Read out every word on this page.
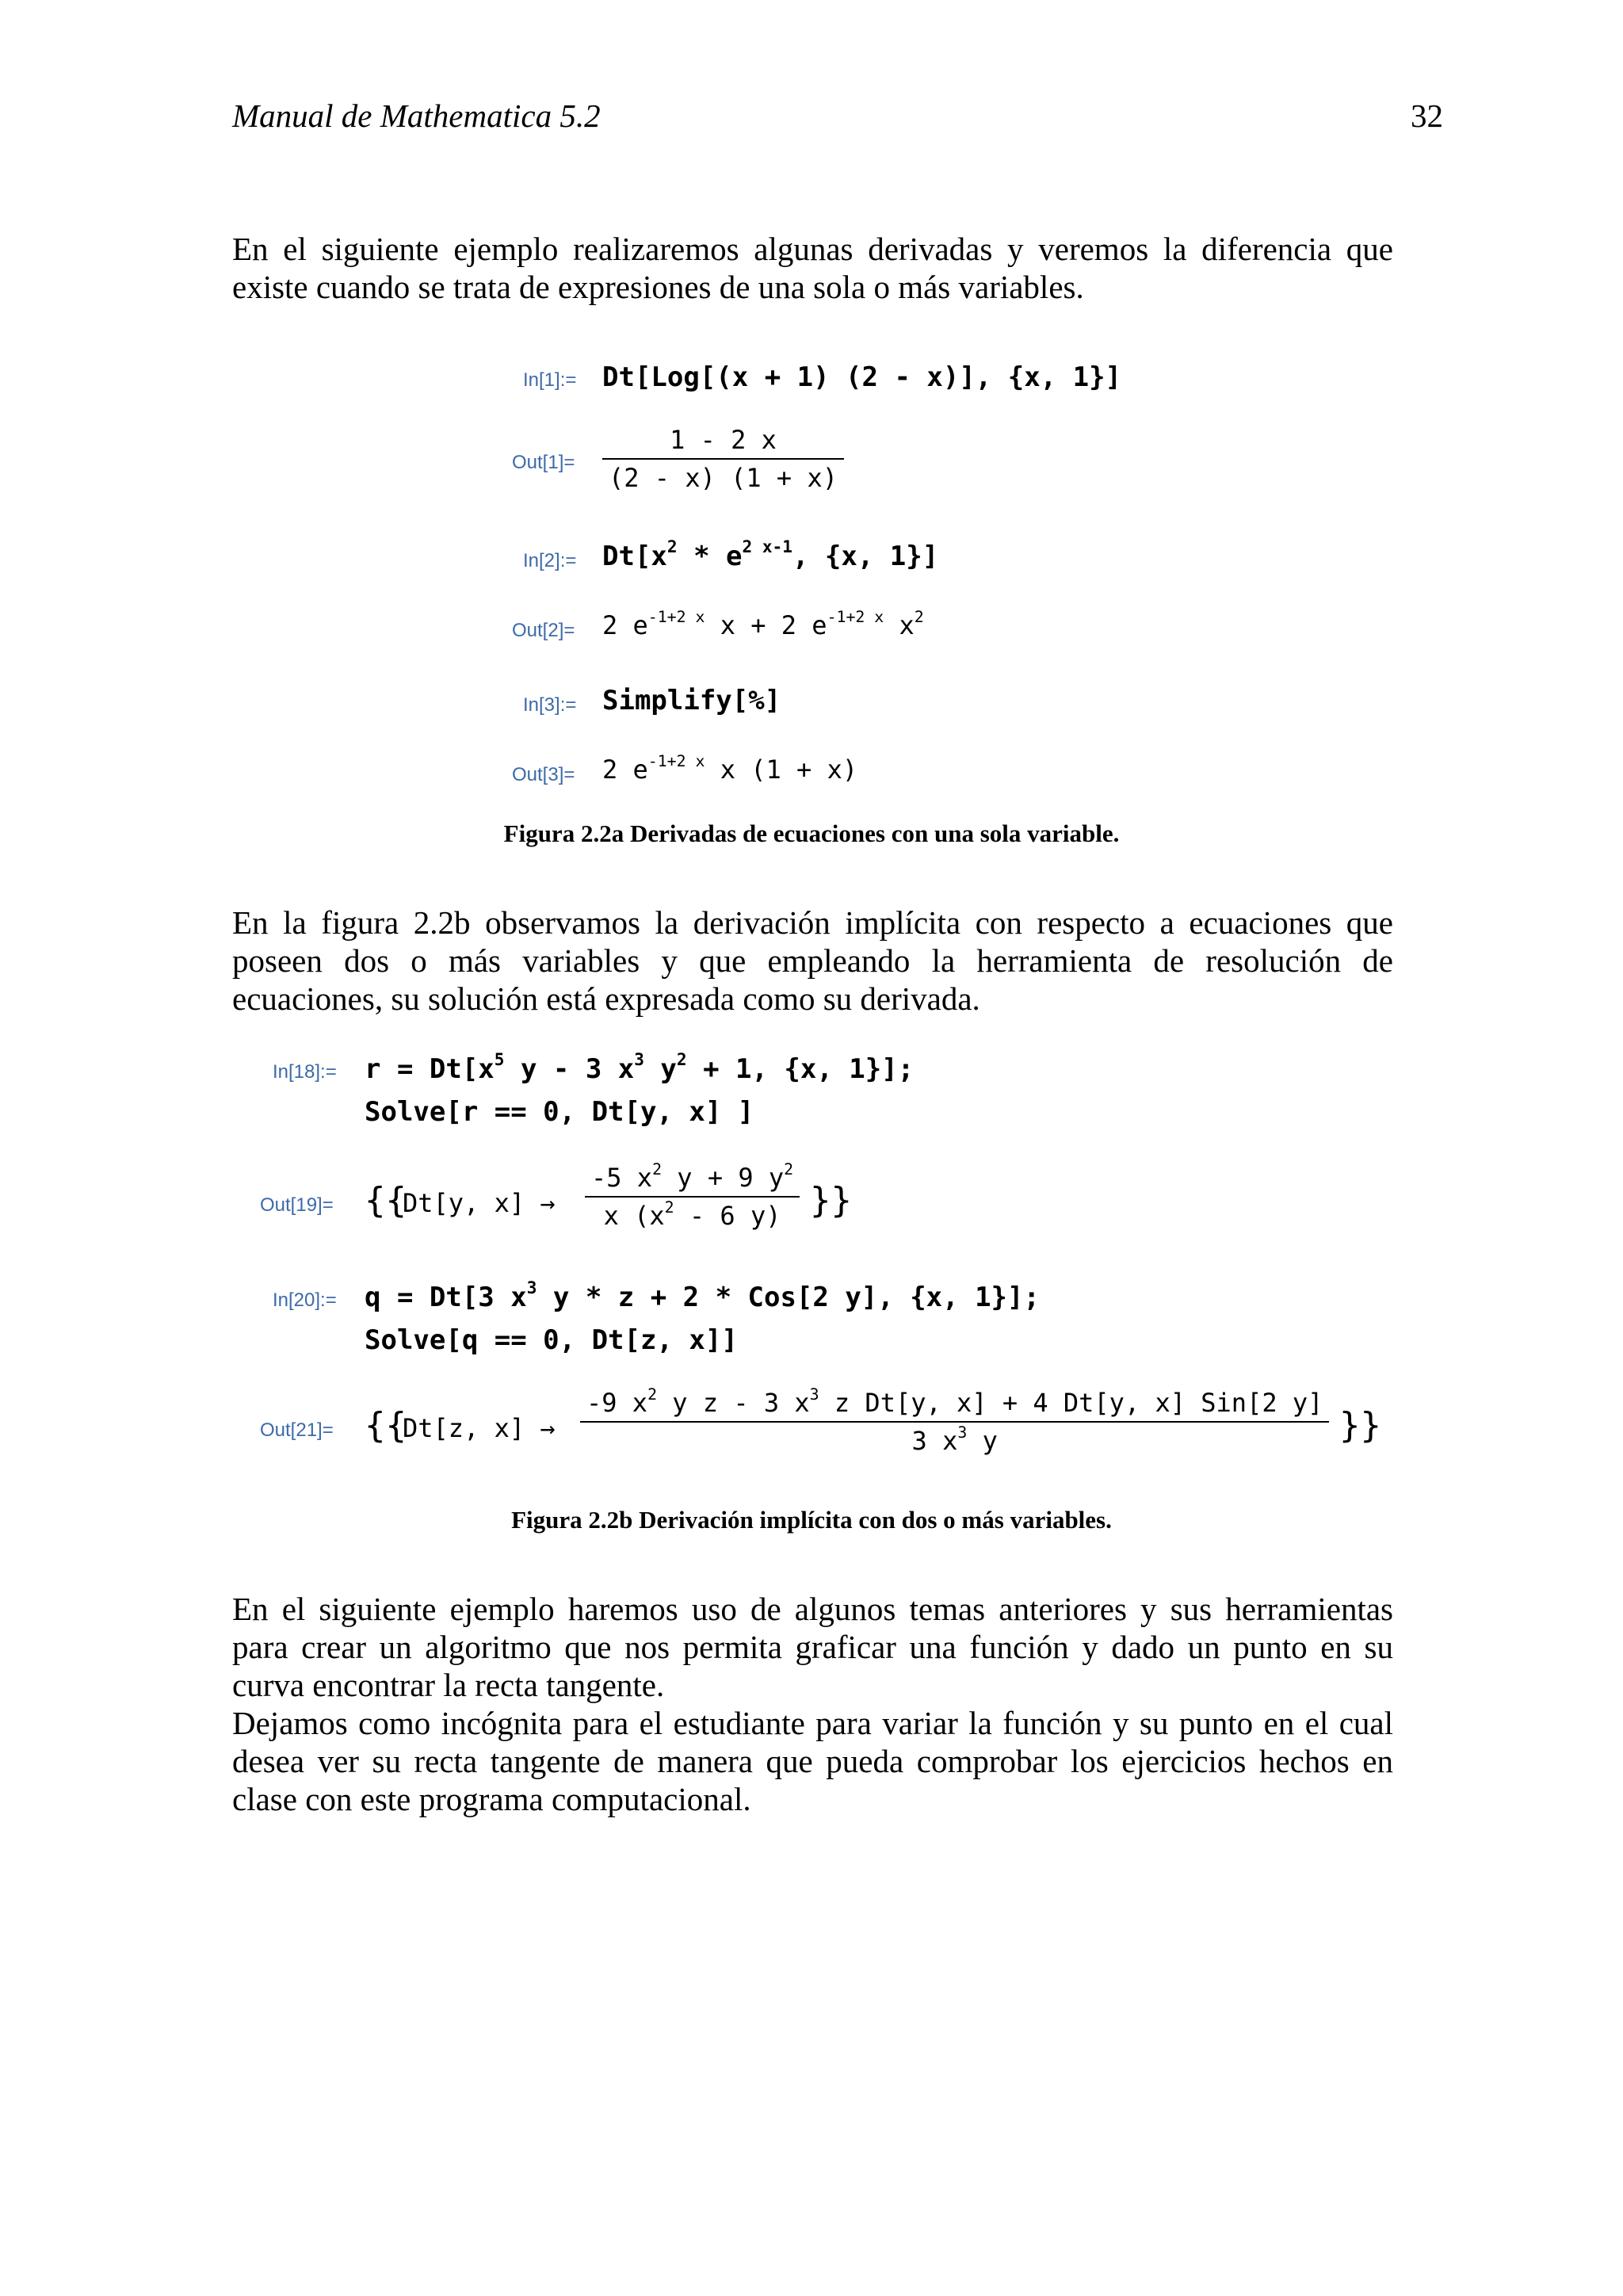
Manual de Mathematica 5.2	32

En el siguiente ejemplo realizaremos algunas derivadas y veremos la diferencia que
existe cuando se trata de expresiones de una sola o más variables.

In[1]:= Dt[Log[(x + 1) (2 - x)], {x, 1}]
$Out[1]= \frac{1 - 2 x}{(2 - x) (1 + x)}$
In[2]:= $Dt[x^2 * e^{2 x-1}$, {x, 1}]
Out[2]= 2 $e^{-1+2 x}$ x + 2 $e^{-1+2 x}$ $x^2$
In[3]:= Simplify[%]
Out[3]= 2 $e^{-1+2 x}$ x (1 + x)
Figura 2.2a Derivadas de ecuaciones con una sola variable.

En la figura 2.2b observamos la derivación implícita con respecto a ecuaciones que
poseen dos o más variables y que empleando la herramienta de resolución de
ecuaciones, su solución está expresada como su derivada.

In[18]:= $r = Dt[x^5$ y - 3 $x^3$ $y^2 + 1$, {x, 1}];
Solve[r == 0, Dt[y, x] ]
Out[19]= {{
Dt[y, $x] \to \frac{-5 x^2 y + 9 y^2}{x (x^2 - 6 y)}$ }}
In[20]:= q = Dt[3 $x^3$ y * z + 2 * Cos[2 y], {x, 1}];
Solve[q == 0, Dt[z, x]]
Out[21]= {{
Dt[z, x] →
-9 $x^2$ y z - 3 $x^3$ z Dt[y, x] + 4 Dt[y, x] Sin[2 y]
3 $x^3$ y	}}
Figura 2.2b Derivación implícita con dos o más variables.

En el siguiente ejemplo haremos uso de algunos temas anteriores y sus herramientas
para crear un algoritmo que nos permita graficar una función y dado un punto en su
curva encontrar la recta tangente.
Dejamos como incógnita para el estudiante para variar la función y su punto en el cual
desea ver su recta tangente de manera que pueda comprobar los ejercicios hechos en
clase con este programa computacional.
